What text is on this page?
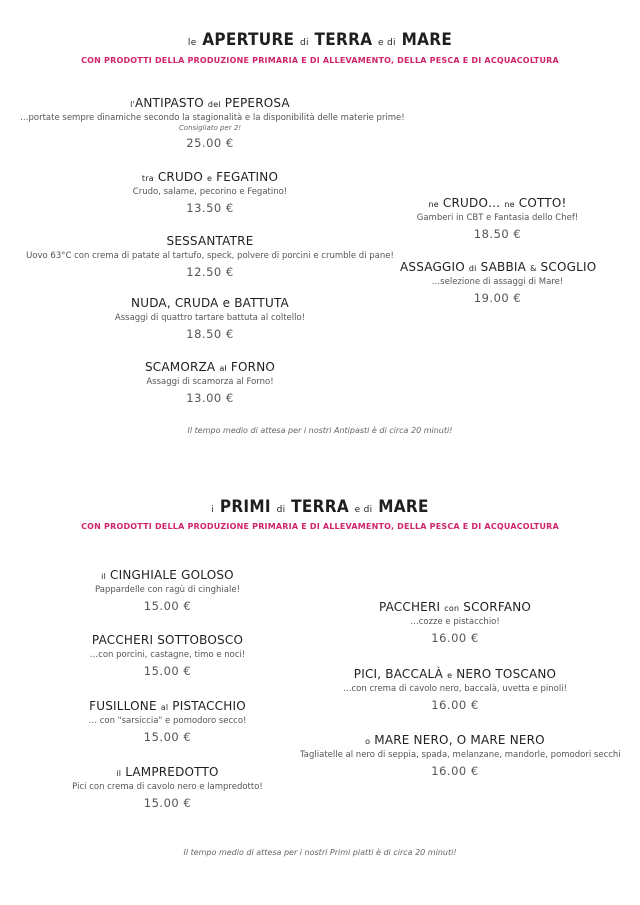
le APERTURE di TERRA e di MARE
CON PRODOTTI DELLA PRODUZIONE PRIMARIA E DI ALLEVAMENTO, DELLA PESCA E DI ACQUACOLTURA
l'ANTIPASTO del PEPEROSA
…portate sempre dinamiche secondo la stagionalità e la disponibilità delle materie prime!
Consigliato per 2!
25.00 €
tra CRUDO e FEGATINO
Crudo, salame, pecorino e Fegatino!
13.50 €
SESSANTATRE
Uovo 63°C con crema di patate al tartufo, speck, polvere di porcini e crumble di pane!
12.50 €
NUDA, CRUDA e BATTUTA
Assaggi di quattro tartare battuta al coltello!
18.50 €
SCAMORZA al FORNO
Assaggi di scamorza al Forno!
13.00 €
ne CRUDO… ne COTTO!
Gamberi in CBT e Fantasia dello Chef!
18.50 €
ASSAGGIO di SABBIA & SCOGLIO
…selezione di assaggi di Mare!
19.00 €
Il tempo medio di attesa per i nostri Antipasti è di circa 20 minuti!
i PRIMI di TERRA e di MARE
CON PRODOTTI DELLA PRODUZIONE PRIMARIA E DI ALLEVAMENTO, DELLA PESCA E DI ACQUACOLTURA
il CINGHIALE GOLOSO
Pappardelle con ragù di cinghiale!
15.00 €
PACCHERI SOTTOBOSCO
…con porcini, castagne, timo e noci!
15.00 €
FUSILLONE al PISTACCHIO
… con "sarsiccia" e pomodoro secco!
15.00 €
il LAMPREDOTTO
Pici con crema di cavolo nero e lampredotto!
15.00 €
PACCHERI con SCORFANO
…cozze e pistacchio!
16.00 €
PICI, BACCALÀ e NERO TOSCANO
…con crema di cavolo nero, baccalà, uvetta e pinoli!
16.00 €
o MARE NERO, O MARE NERO
Tagliatelle al nero di seppia, spada, melanzane, mandorle, pomodori secchi
16.00 €
Il tempo medio di attesa per i nostri Primi piatti è di circa 20 minuti!
